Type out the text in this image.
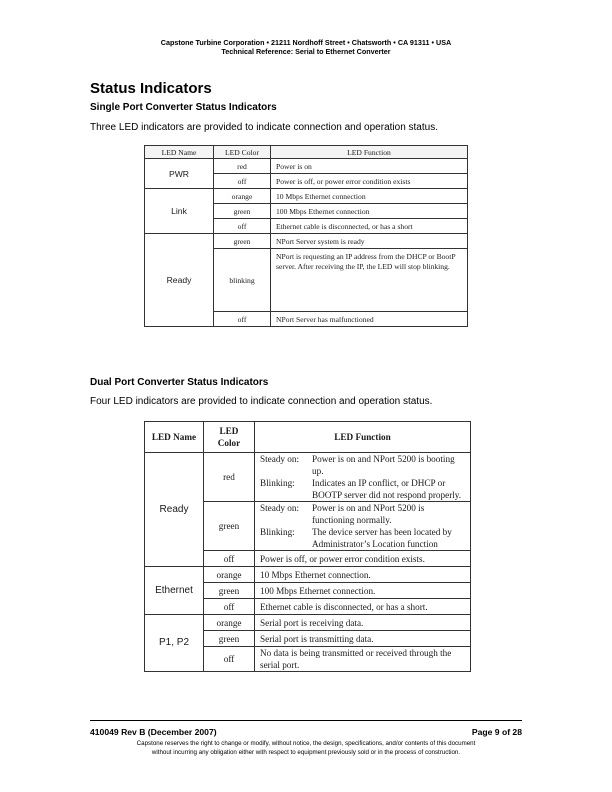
Capstone Turbine Corporation • 21211 Nordhoff Street • Chatsworth • CA 91311 • USA
Technical Reference: Serial to Ethernet Converter
Status Indicators
Single Port Converter Status Indicators

Three LED indicators are provided to indicate connection and operation status.

LED Name	LED Color	LED Function
PWR	red	Power is on
	off	Power is off, or power error condition exists
Link	orange	10 Mbps Ethernet connection
	green	100 Mbps Ethernet connection
	off	Ethernet cable is disconnected, or has a short
Ready	green	NPort Server system is ready
	blinking	NPort is requesting an IP address from the DHCP or BootP server. After receiving the IP, the LED will stop blinking.
	off	NPort Server has malfunctioned
Dual Port Converter Status Indicators

Four LED indicators are provided to indicate connection and operation status.

LED Name	LED Color	LED Function
Ready	red	Steady on:	Power is on and NPort 5200 is booting up.
Blinking:	Indicates an IP conflict, or DHCP or BOOTP server did not respond properly.

	green	Steady on:	Power is on and NPort 5200 is functioning normally.
Blinking:	The device server has been located by Administrator’s Location function

	off	Power is off, or power error condition exists.
Ethernet	orange	10 Mbps Ethernet connection.
	green	100 Mbps Ethernet connection.
	off	Ethernet cable is disconnected, or has a short.
P1, P2	orange	Serial port is receiving data.
	green	Serial port is transmitting data.
	off	No data is being transmitted or received through the serial port.
410049 Rev B (December 2007)	Page 9 of 28
Capstone reserves the right to change or modify, without notice, the design, specifications, and/or contents of this document
without incurring any obligation either with respect to equipment previously sold or in the process of construction.
